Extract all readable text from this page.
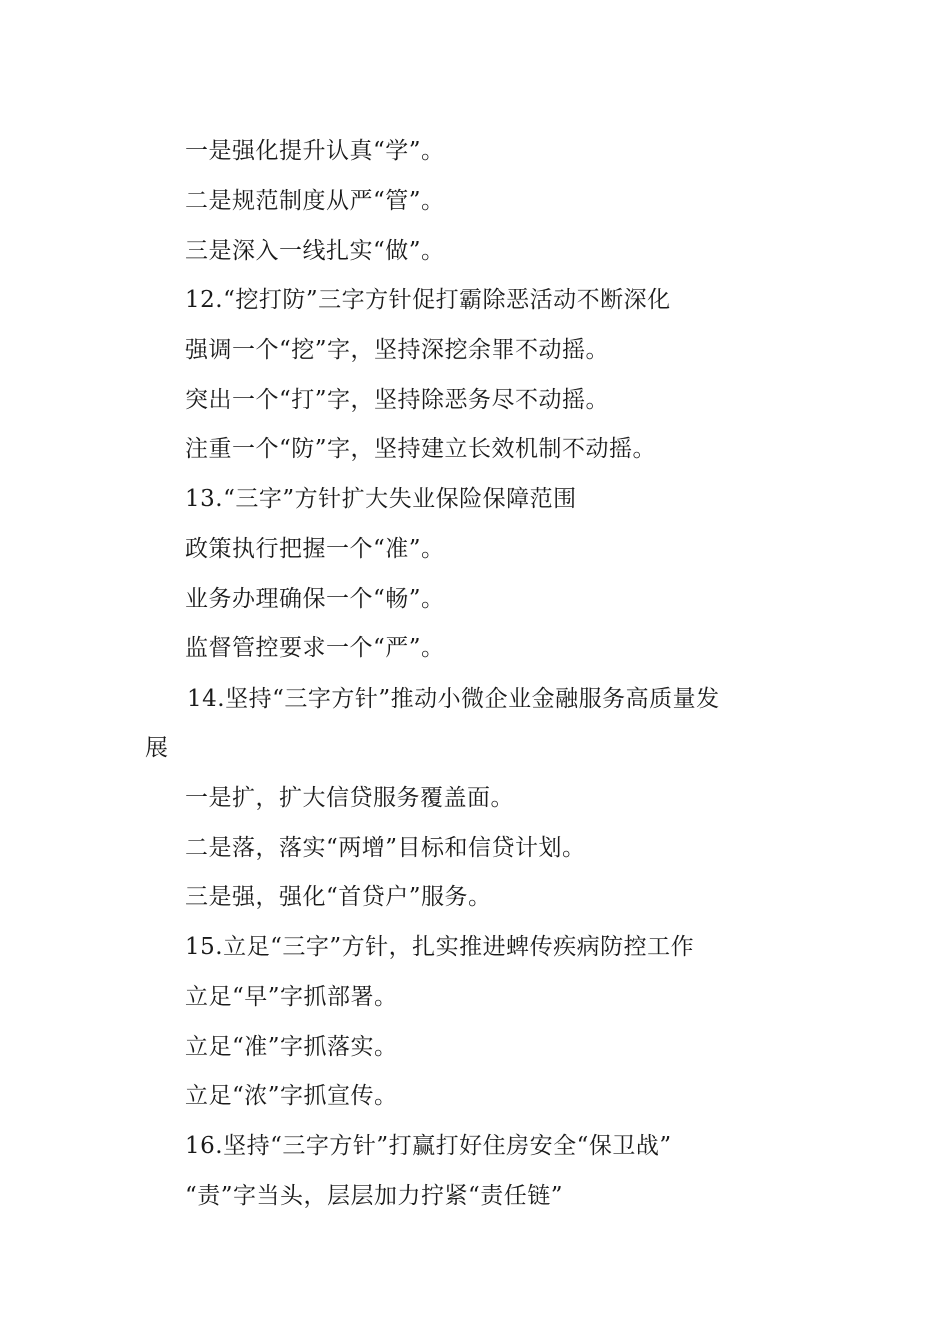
一是强化提升认真“学”。
二是规范制度从严“管”。
三是深入一线扎实“做”。
12.“挖打防”三字方针促打霸除恶活动不断深化
强调一个“挖”字，坚持深挖余罪不动摇。
突出一个“打”字，坚持除恶务尽不动摇。
注重一个“防”字，坚持建立长效机制不动摇。
13.“三字”方针扩大失业保险保障范围
政策执行把握一个“准”。
业务办理确保一个“畅”。
监督管控要求一个“严”。
14.坚持“三字方针”推动小微企业金融服务高质量发
展
一是扩，扩大信贷服务覆盖面。
二是落，落实“两增”目标和信贷计划。
三是强，强化“首贷户”服务。
15.立足“三字”方针，扎实推进蜱传疾病防控工作
立足“早”字抓部署。
立足“准”字抓落实。
立足“浓”字抓宣传。
16.坚持“三字方针”打赢打好住房安全“保卫战”
“责”字当头，层层加力拧紧“责任链”
